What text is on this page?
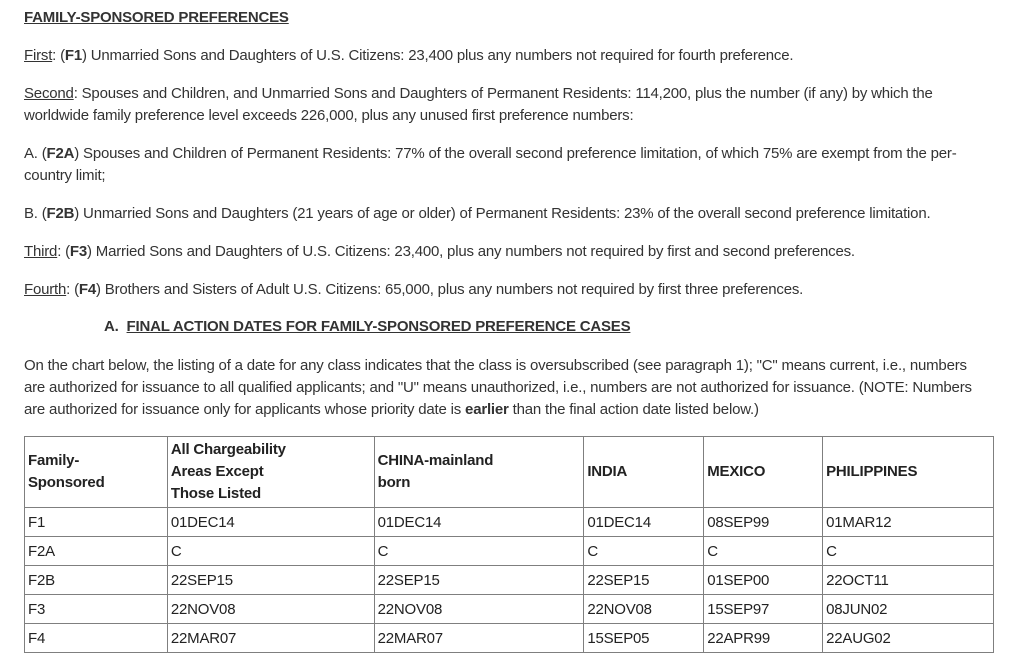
FAMILY-SPONSORED PREFERENCES

First: (F1) Unmarried Sons and Daughters of U.S. Citizens: 23,400 plus any numbers not required for fourth preference.

Second: Spouses and Children, and Unmarried Sons and Daughters of Permanent Residents: 114,200, plus the number (if any) by which the worldwide family preference level exceeds 226,000, plus any unused first preference numbers:

A. (F2A) Spouses and Children of Permanent Residents: 77% of the overall second preference limitation, of which 75% are exempt from the per-country limit;

B. (F2B) Unmarried Sons and Daughters (21 years of age or older) of Permanent Residents: 23% of the overall second preference limitation.

Third: (F3) Married Sons and Daughters of U.S. Citizens: 23,400, plus any numbers not required by first and second preferences.

Fourth: (F4) Brothers and Sisters of Adult U.S. Citizens: 65,000, plus any numbers not required by first three preferences.

A. FINAL ACTION DATES FOR FAMILY-SPONSORED PREFERENCE CASES

On the chart below, the listing of a date for any class indicates that the class is oversubscribed (see paragraph 1); "C" means current, i.e., numbers are authorized for issuance to all qualified applicants; and "U" means unauthorized, i.e., numbers are not authorized for issuance. (NOTE: Numbers are authorized for issuance only for applicants whose priority date is earlier than the final action date listed below.)

Family-
Sponsored	All Chargeability
Areas Except
Those Listed	CHINA-mainland
born	INDIA	MEXICO	PHILIPPINES
F1	01DEC14	01DEC14	01DEC14	08SEP99	01MAR12
F2A	C	C	C	C	C
F2B	22SEP15	22SEP15	22SEP15	01SEP00	22OCT11
F3	22NOV08	22NOV08	22NOV08	15SEP97	08JUN02
F4	22MAR07	22MAR07	15SEP05	22APR99	22AUG02
